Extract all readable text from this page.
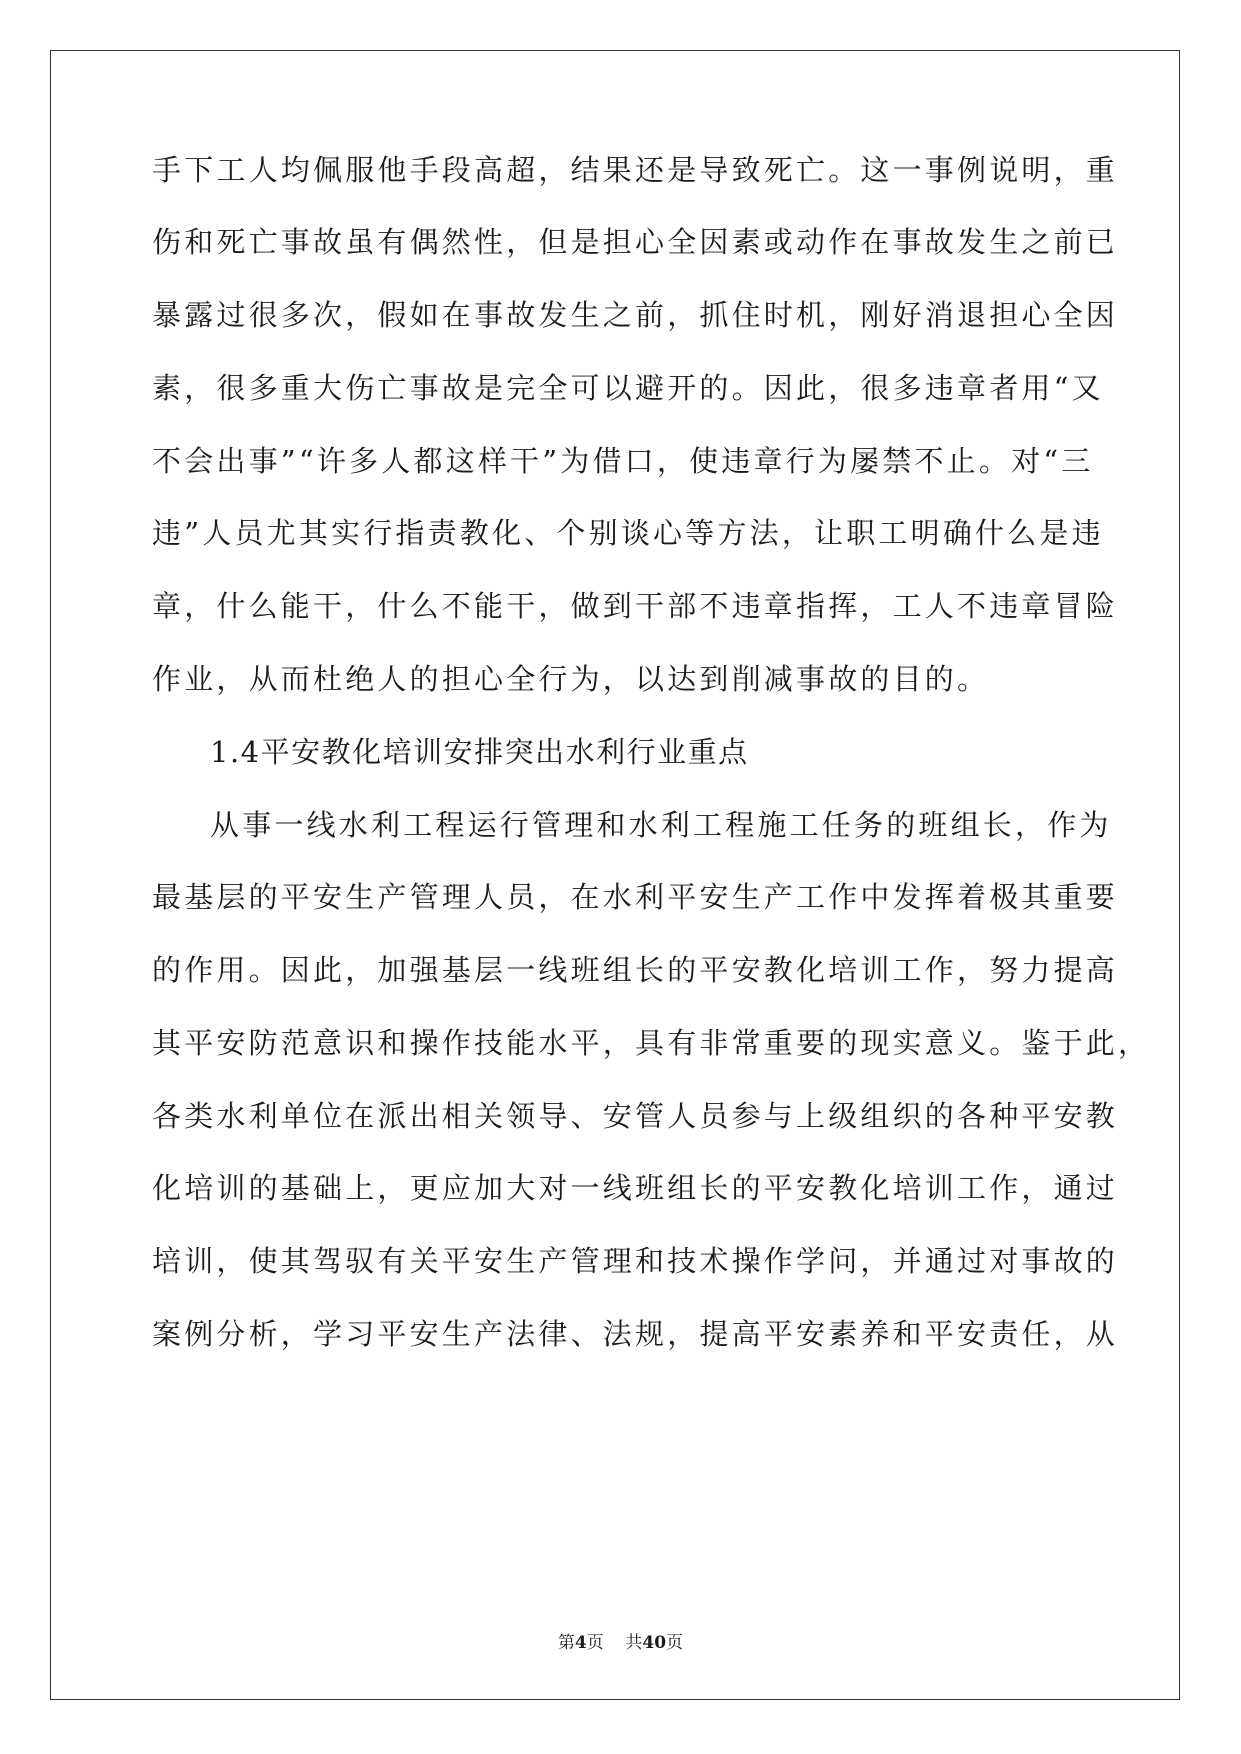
手下工人均佩服他手段高超，结果还是导致死亡。这一事例说明，重
伤和死亡事故虽有偶然性，但是担心全因素或动作在事故发生之前已
暴露过很多次，假如在事故发生之前，抓住时机，刚好消退担心全因
素，很多重大伤亡事故是完全可以避开的。因此，很多违章者用“又
不会出事”“许多人都这样干”为借口，使违章行为屡禁不止。对“三
违”人员尤其实行指责教化、个别谈心等方法，让职工明确什么是违
章，什么能干，什么不能干，做到干部不违章指挥，工人不违章冒险
作业，从而杜绝人的担心全行为，以达到削减事故的目的。
1.4平安教化培训安排突出水利行业重点
从事一线水利工程运行管理和水利工程施工任务的班组长，作为
最基层的平安生产管理人员，在水利平安生产工作中发挥着极其重要
的作用。因此，加强基层一线班组长的平安教化培训工作，努力提高
其平安防范意识和操作技能水平，具有非常重要的现实意义。鉴于此，
各类水利单位在派出相关领导、安管人员参与上级组织的各种平安教
化培训的基础上，更应加大对一线班组长的平安教化培训工作，通过
培训，使其驾驭有关平安生产管理和技术操作学问，并通过对事故的
案例分析，学习平安生产法律、法规，提高平安素养和平安责任，从
第4页 共40页
